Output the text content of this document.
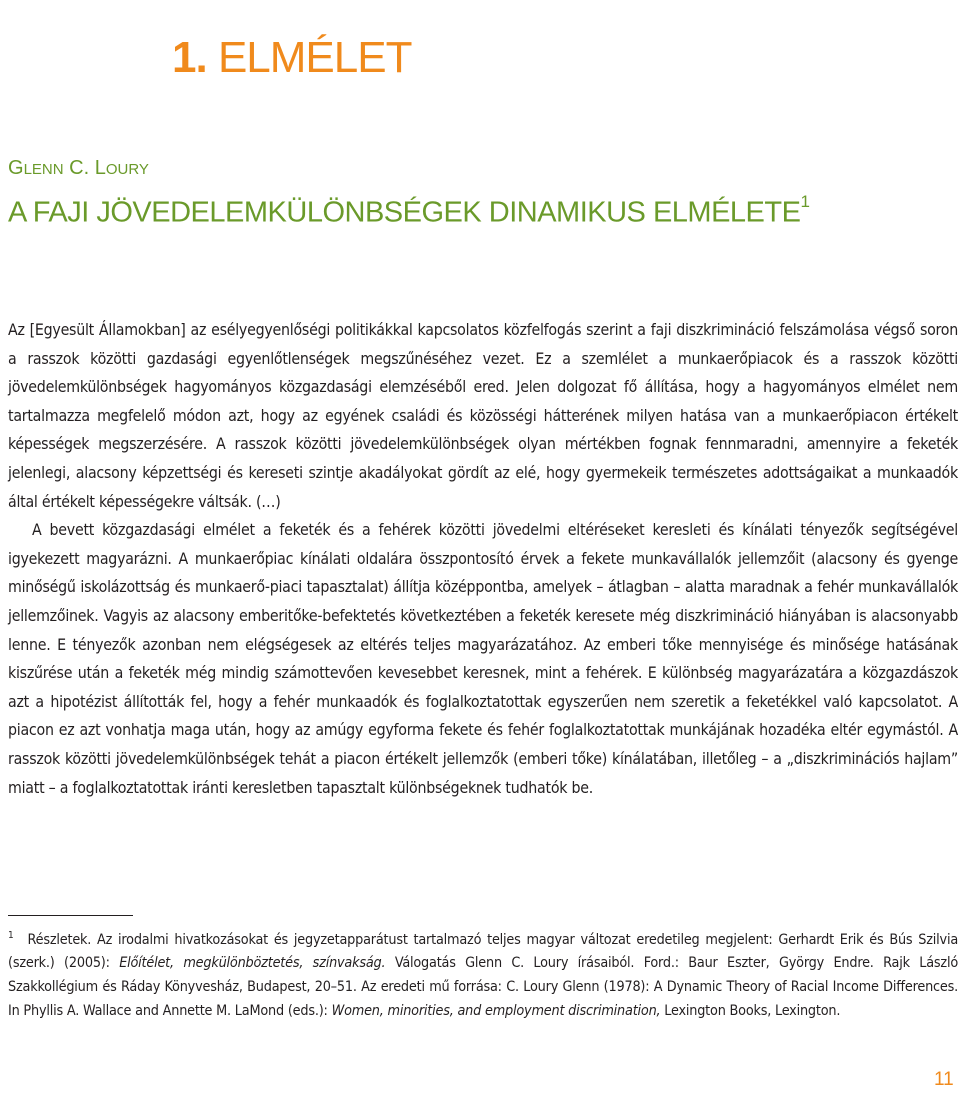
1. ELMÉLET
GLENN C. LOURY
A FAJI JÖVEDELEMKÜLÖNBSÉGEK DINAMIKUS ELMÉLETE$^1$

Az [Egyesült Államokban] az esélyegyenlőségi politikákkal kapcsolatos közfelfogás szerint a faji diszkrimináció felszámolása végső soron a rasszok közötti gazdasági egyenlőtlenségek megszűnéséhez vezet. Ez a szemlélet a munkaerőpiacok és a rasszok közötti jövedelemkülönbségek hagyományos közgazdasági elemzéséből ered. Jelen dolgozat fő állítása, hogy a hagyományos elmélet nem tartalmazza megfelelő módon azt, hogy az egyének családi és közösségi hátterének milyen hatása van a munkaerőpiacon értékelt képességek megszerzésére. A rasszok közötti jövedelemkülönbségek olyan mértékben fognak fennmaradni, amennyire a feketék jelenlegi, alacsony képzettségi és kereseti szintje akadályokat gördít az elé, hogy gyermekeik természetes adottságaikat a munkaadók által értékelt képességekre váltsák. (…)

A bevett közgazdasági elmélet a feketék és a fehérek közötti jövedelmi eltéréseket keresleti és kínálati tényezők segítségével igyekezett magyarázni. A munkaerőpiac kínálati oldalára összpontosító érvek a fekete munkavállalók jellemzőit (alacsony és gyenge minőségű iskolázottság és munkaerő-piaci tapasztalat) állítja középpontba, amelyek – átlagban – alatta maradnak a fehér munkavállalók jellemzőinek. Vagyis az alacsony emberitőke-befektetés következtében a feketék keresete még diszkrimináció hiányában is alacsonyabb lenne. E tényezők azonban nem elégségesek az eltérés teljes magyarázatához. Az emberi tőke mennyisége és minősége hatásának kiszűrése után a feketék még mindig számottevően kevesebbet keresnek, mint a fehérek. E különbség magyarázatára a közgazdászok azt a hipotézist állították fel, hogy a fehér munkaadók és foglalkoztatottak egyszerűen nem szeretik a feketékkel való kapcsolatot. A piacon ez azt vonhatja maga után, hogy az amúgy egyforma fekete és fehér foglalkoztatottak munkájának hozadéka eltér egymástól. A rasszok közötti jövedelemkülönbségek tehát a piacon értékelt jellemzők (emberi tőke) kínálatában, illetőleg – a „diszkriminációs hajlam” miatt – a foglalkoztatottak iránti keresletben tapasztalt különbségeknek tudhatók be.

$^1$ Részletek. Az irodalmi hivatkozásokat és jegyzetapparátust tartalmazó teljes magyar változat eredetileg megjelent: Gerhardt Erik és Bús Szilvia (szerk.) (2005): Előítélet, megkülönböztetés, színvakság. Válogatás Glenn C. Loury írásaiból. Ford.: Baur Eszter, György Endre. Rajk László Szakkollégium és Ráday Könyvesház, Budapest, 20–51. Az eredeti mű forrása: C. Loury Glenn (1978): A Dynamic Theory of Racial Income Differences. In Phyllis A. Wallace and Annette M. LaMond (eds.): Women, minorities, and employment discrimination, Lexington Books, Lexington.
11
